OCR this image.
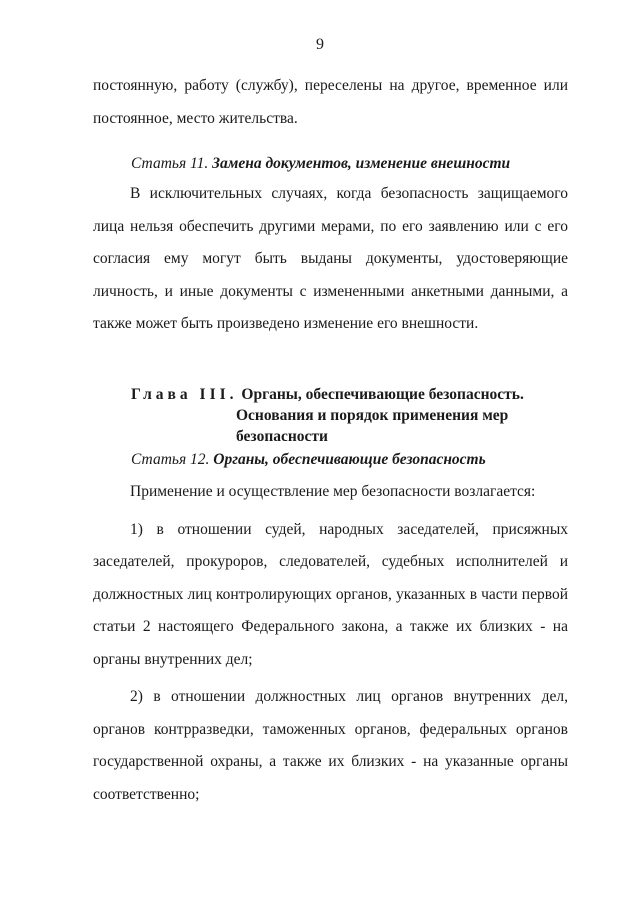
9

постоянную, работу (службу), переселены на другое, временное или постоянное, место жительства.

Статья 11. Замена документов, изменение внешности

В исключительных случаях, когда безопасность защищаемого лица нельзя обеспечить другими мерами, по его заявлению или с его согласия ему могут быть выданы документы, удостоверяющие личность, и иные документы с измененными анкетными данными, а также может быть произведено изменение его внешности.

Глава III. Органы, обеспечивающие безопасность.
Основания и порядок применения мер
безопасности

Статья 12. Органы, обеспечивающие безопасность

Применение и осуществление мер безопасности возлагается:

1) в отношении судей, народных заседателей, присяжных заседателей, прокуроров, следователей, судебных исполнителей и должностных лиц контролирующих органов, указанных в части первой статьи 2 настоящего Федерального закона, а также их близких - на органы внутренних дел;

2) в отношении должностных лиц органов внутренних дел, органов контрразведки, таможенных органов, федеральных органов государственной охраны, а также их близких - на указанные органы соответственно;
